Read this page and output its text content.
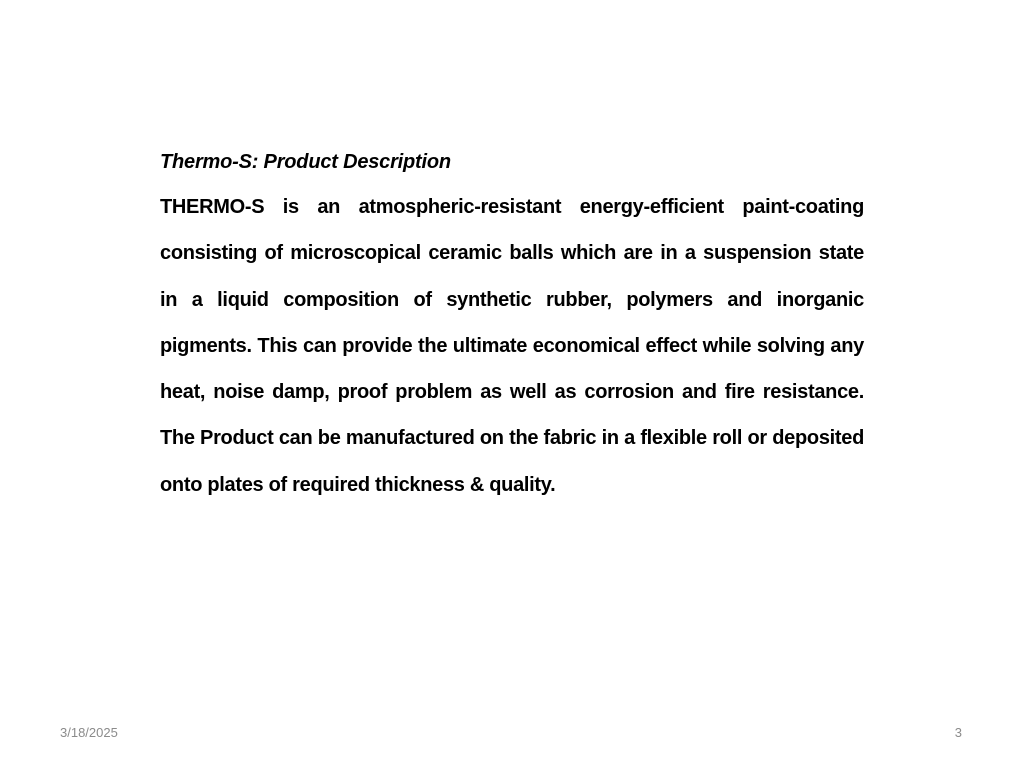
Thermo-S: Product Description

THERMO-S is an atmospheric-resistant energy-efficient paint-coating consisting of microscopical ceramic balls which are in a suspension state in a liquid composition of synthetic rubber, polymers and inorganic pigments. This can provide the ultimate economical effect while solving any heat, noise damp, proof problem as well as corrosion and fire resistance. The Product can be manufactured on the fabric in a flexible roll or deposited onto plates of required thickness & quality.

3/18/2025	3
